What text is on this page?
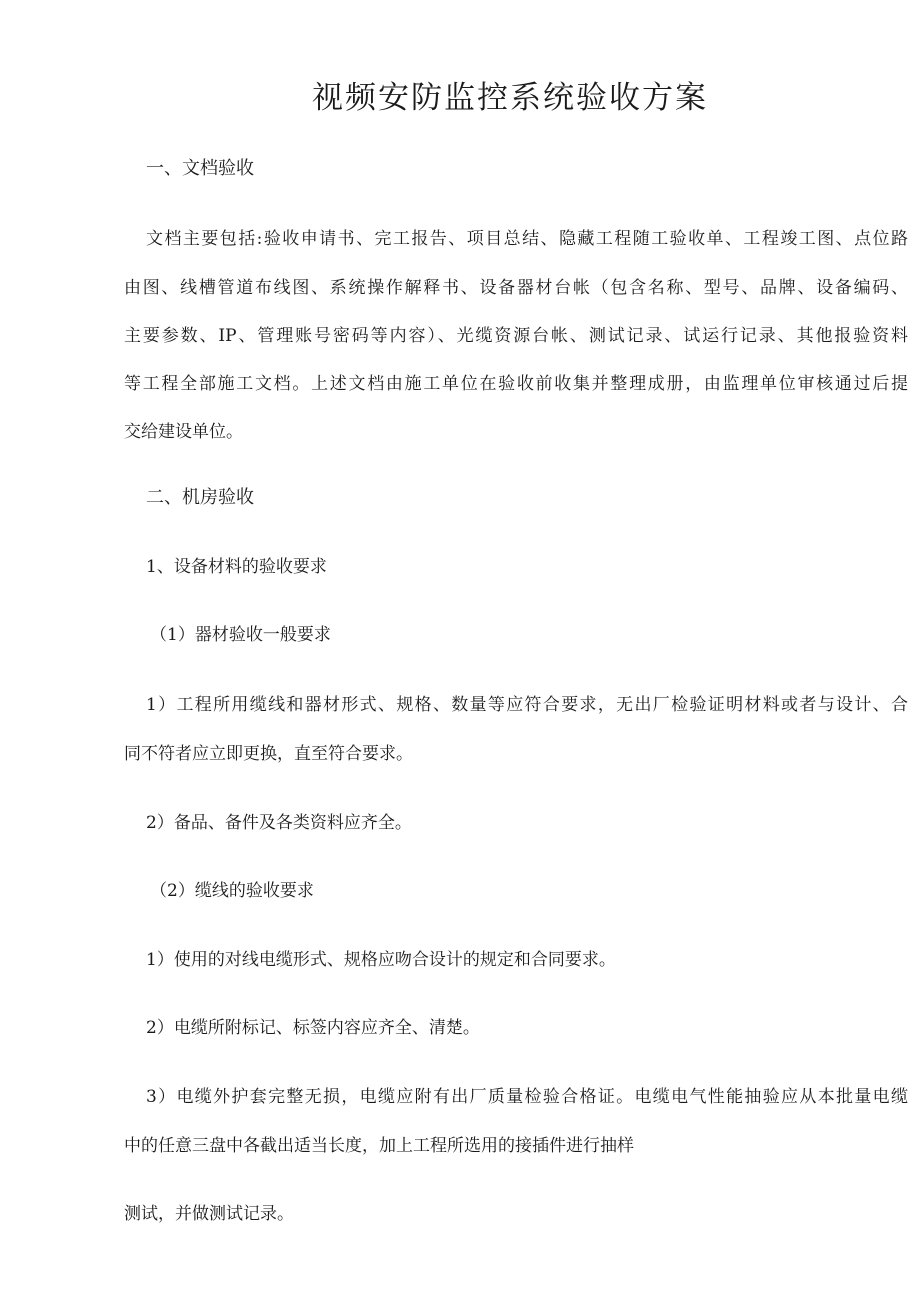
视频安防监控系统验收方案

一、文档验收

文档主要包括:验收申请书、完工报告、项目总结、隐藏工程随工验收单、工程竣工图、点位路

由图、线槽管道布线图、系统操作解释书、设备器材台帐（包含名称、型号、品牌、设备编码、

主要参数、IP、管理账号密码等内容）、光缆资源台帐、测试记录、试运行记录、其他报验资料

等工程全部施工文档。上述文档由施工单位在验收前收集并整理成册，由监理单位审核通过后提

交给建设单位。

二、机房验收

1、设备材料的验收要求

（1）器材验收一般要求

1）工程所用缆线和器材形式、规格、数量等应符合要求，无出厂检验证明材料或者与设计、合

同不符者应立即更换，直至符合要求。

2）备品、备件及各类资料应齐全。

（2）缆线的验收要求

1）使用的对线电缆形式、规格应吻合设计的规定和合同要求。

2）电缆所附标记、标签内容应齐全、清楚。

3）电缆外护套完整无损，电缆应附有出厂质量检验合格证。电缆电气性能抽验应从本批量电缆

中的任意三盘中各截出适当长度，加上工程所选用的接插件进行抽样

测试，并做测试记录。
